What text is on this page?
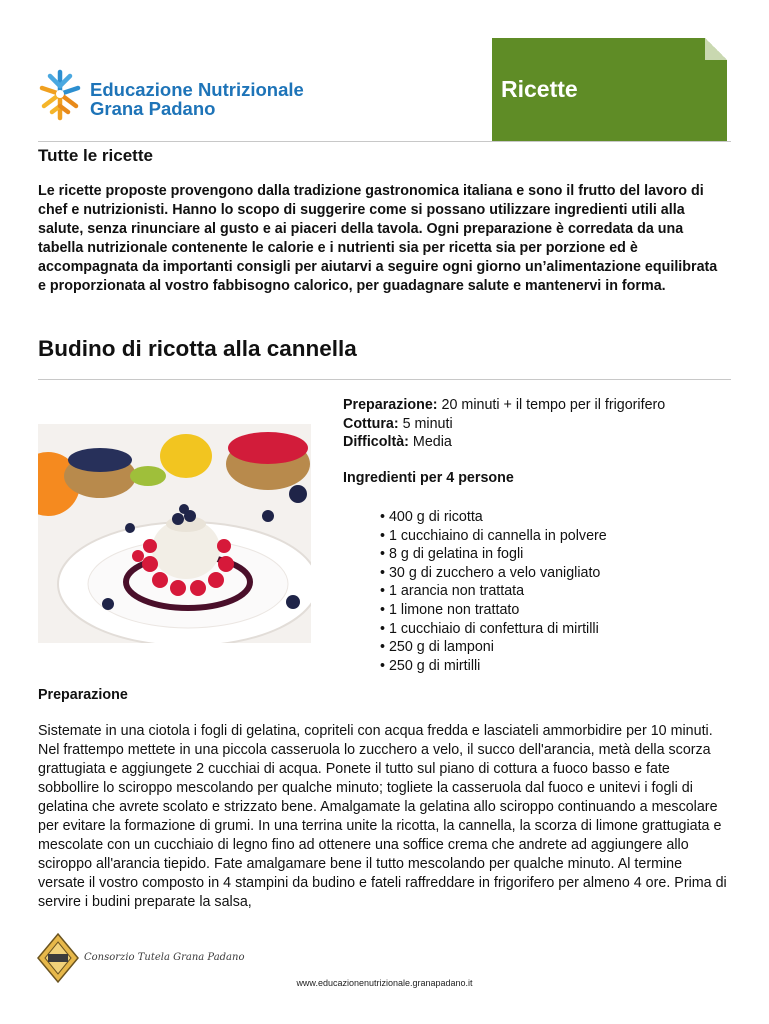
Educazione Nutrizionale
Grana Padano
Ricette
Tutte le ricette
Le ricette proposte provengono dalla tradizione gastronomica italiana e sono il frutto del lavoro di chef e nutrizionisti. Hanno lo scopo di suggerire come si possano utilizzare ingredienti utili alla salute, senza rinunciare al gusto e ai piaceri della tavola. Ogni preparazione è corredata da una tabella nutrizionale contenente le calorie e i nutrienti sia per ricetta sia per porzione ed è accompagnata da importanti consigli per aiutarvi a seguire ogni giorno un’alimentazione equilibrata e proporzionata al vostro fabbisogno calorico, per guadagnare salute e mantenervi in forma.
Budino di ricotta alla cannella
Preparazione: 20 minuti + il tempo per il frigorifero
Cottura: 5 minuti
Difficoltà: Media
Ingredienti per 4 persone
• 400 g di ricotta
• 1 cucchiaino di cannella in polvere
• 8 g di gelatina in fogli
• 30 g di zucchero a velo vanigliato
• 1 arancia non trattata
• 1 limone non trattato
• 1 cucchiaio di confettura di mirtilli
• 250 g di lamponi
• 250 g di mirtilli
Preparazione
Sistemate in una ciotola i fogli di gelatina, copriteli con acqua fredda e lasciateli ammorbidire per 10 minuti. Nel frattempo mettete in una piccola casseruola lo zucchero a velo, il succo dell'arancia, metà della scorza grattugiata e aggiungete 2 cucchiai di acqua. Ponete il tutto sul piano di cottura a fuoco basso e fate sobbollire lo sciroppo mescolando per qualche minuto; togliete la casseruola dal fuoco e unitevi i fogli di gelatina che avrete scolato e strizzato bene. Amalgamate la gelatina allo sciroppo continuando a mescolare per evitare la formazione di grumi. In una terrina unite la ricotta, la cannella, la scorza di limone grattugiata e mescolate con un cucchiaio di legno fino ad ottenere una soffice crema che andrete ad aggiungere allo sciroppo all'arancia tiepido. Fate amalgamare bene il tutto mescolando per qualche minuto. Al termine versate il vostro composto in 4 stampini da budino e fateli raffreddare in frigorifero per almeno 4 ore. Prima di servire i budini preparate la salsa,
Consorzio Tutela Grana Padano
www.educazionenutrizionale.granapadano.it
